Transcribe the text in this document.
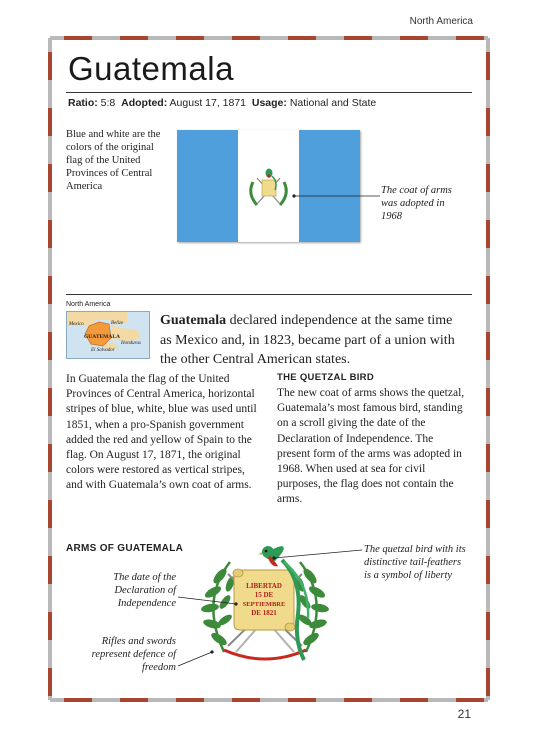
North America
21
Guatemala
Ratio: 5:8 Adopted: August 17, 1871 Usage: National and State
Blue and white are the colors of the original flag of the United Provinces of Central America	The coat of arms was adopted in 1968
North America
Mexico	Belize
GUATEMALA
Honduras
El Salvador
Guatemala declared independence at the same time as Mexico and, in 1823, became part of a union with the other Central American states.
In Guatemala the flag of the United Provinces of Central America, horizontal stripes of blue, white, blue was used until 1851, when a pro-Spanish government added the red and yellow of Spain to the flag. On August 17, 1871, the original colors were restored as vertical stripes, and with Guatemala’s own coat of arms.
THE QUETZAL BIRD
The new coat of arms shows the quetzal, Guatemala’s most famous bird, standing on a scroll giving the date of the Declaration of Independence. The present form of the arms was adopted in 1968. When used at sea for civil purposes, the flag does not contain the arms.
ARMS OF GUATEMALA
LIBERTAD
15 DE
SEPTIEMBRE
DE 1821
The date of the Declaration of Independence
Rifles and swords represent defence of freedom
The quetzal bird with its distinctive tail-feathers is a symbol of liberty
